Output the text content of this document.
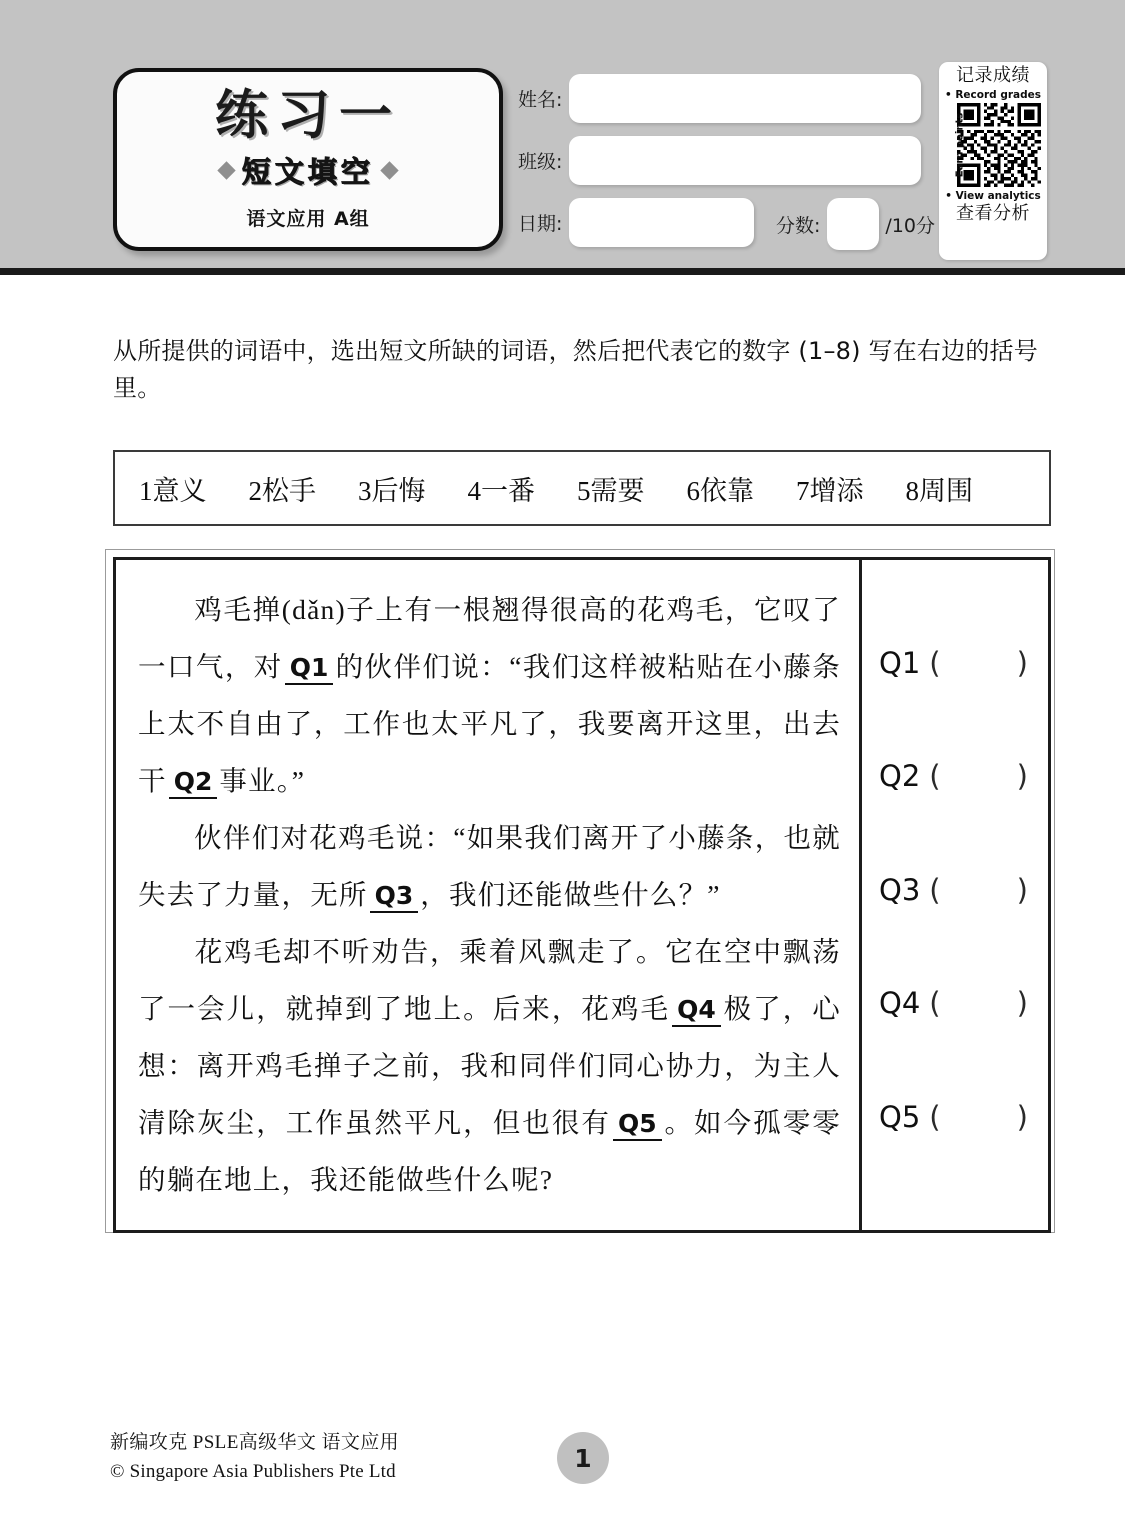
练习一
短文填空
语文应用 A组
姓名:
班级:
日期:	分数:	/10分
记录成绩
• Record grades
Earn points
• View analytics
查看分析
从所提供的词语中，选出短文所缺的词语，然后把代表它的数字 (1–8) 写在右边的括号里。
1意义 2松手 3后悔 4一番 5需要 6依靠 7增添 8周围

鸡毛掸(dǎn)子上有一根翘得很高的花鸡毛，它叹了一口气，对 Q1 的伙伴们说：“我们这样被粘贴在小藤条上太不自由了，工作也太平凡了，我要离开这里，出去干 Q2 事业。”

伙伴们对花鸡毛说：“如果我们离开了小藤条，也就失去了力量，无所 Q3 ，我们还能做些什么？”

花鸡毛却不听劝告，乘着风飘走了。它在空中飘荡了一会儿，就掉到了地上。后来，花鸡毛 Q4 极了，心想：离开鸡毛掸子之前，我和同伴们同心协力，为主人清除灰尘，工作虽然平凡，但也很有 Q5 。如今孤零零的躺在地上，我还能做些什么呢?

Q1 (	)
Q2 (	)
Q3 (	)
Q4 (	)
Q5 (	)
新编攻克 PSLE高级华文 语文应用
© Singapore Asia Publishers Pte Ltd	1
